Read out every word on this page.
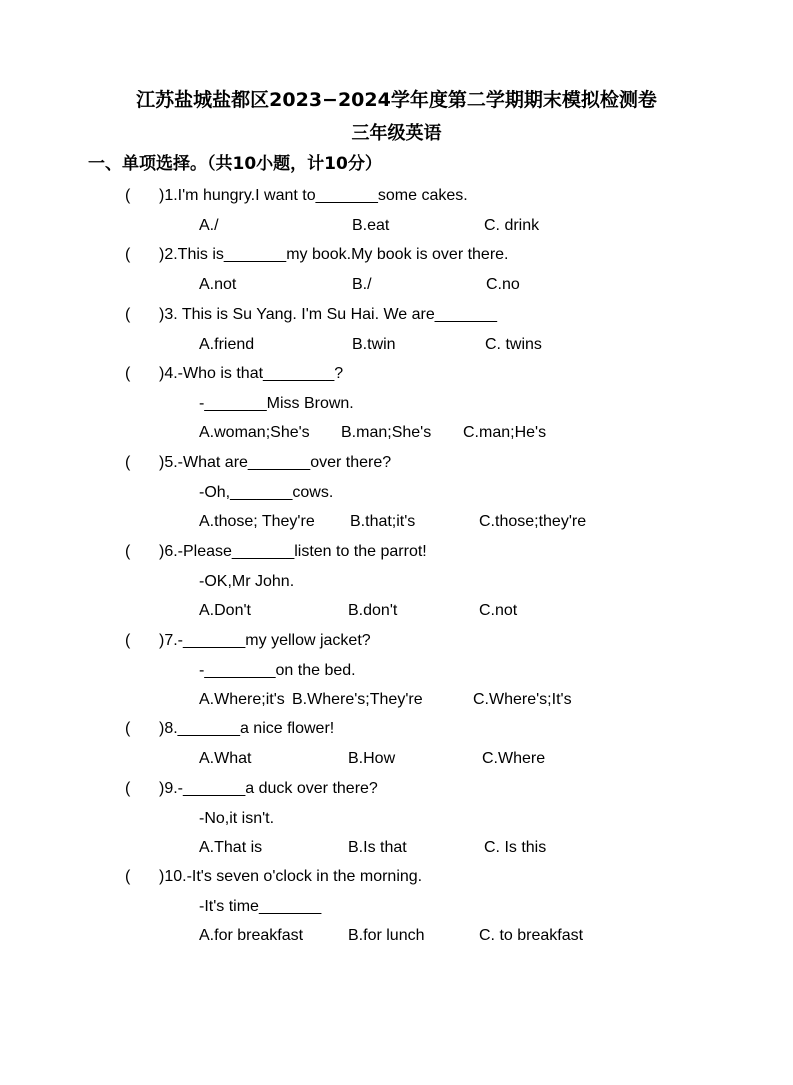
江苏盐城盐都区2023−2024学年度第二学期期末模拟检测卷
三年级英语
一、单项选择。（共10小题，计10分）
( )1.I'm hungry.I want to_______some cakes.
A./	B.eat	C. drink
( )2.This is_______my book.My book is over there.
A.not	B./	C.no
( )3. This is Su Yang. I'm Su Hai. We are_______
A.friend	B.twin	C. twins
( )4.-Who is that________?
-_______Miss Brown.
A.woman;She's B.man;She's C.man;He's
( )5.-What are_______over there?
-Oh,_______cows.
A.those; They're B.that;it's	C.those;they're
( )6.-Please_______listen to the parrot!
-OK,Mr John.
A.Don't	B.don't	C.not
( )7.-_______my yellow jacket?
-________on the bed.
A.Where;it's B.Where's;They're	C.Where's;It's
( )8._______a nice flower!
A.What	B.How	C.Where
( )9.-_______a duck over there?
-No,it isn't.
A.That is	B.Is that	C. Is this
( )10.-It's seven o'clock in the morning.
-It's time_______
A.for breakfast	B.for lunch	C. to breakfast
